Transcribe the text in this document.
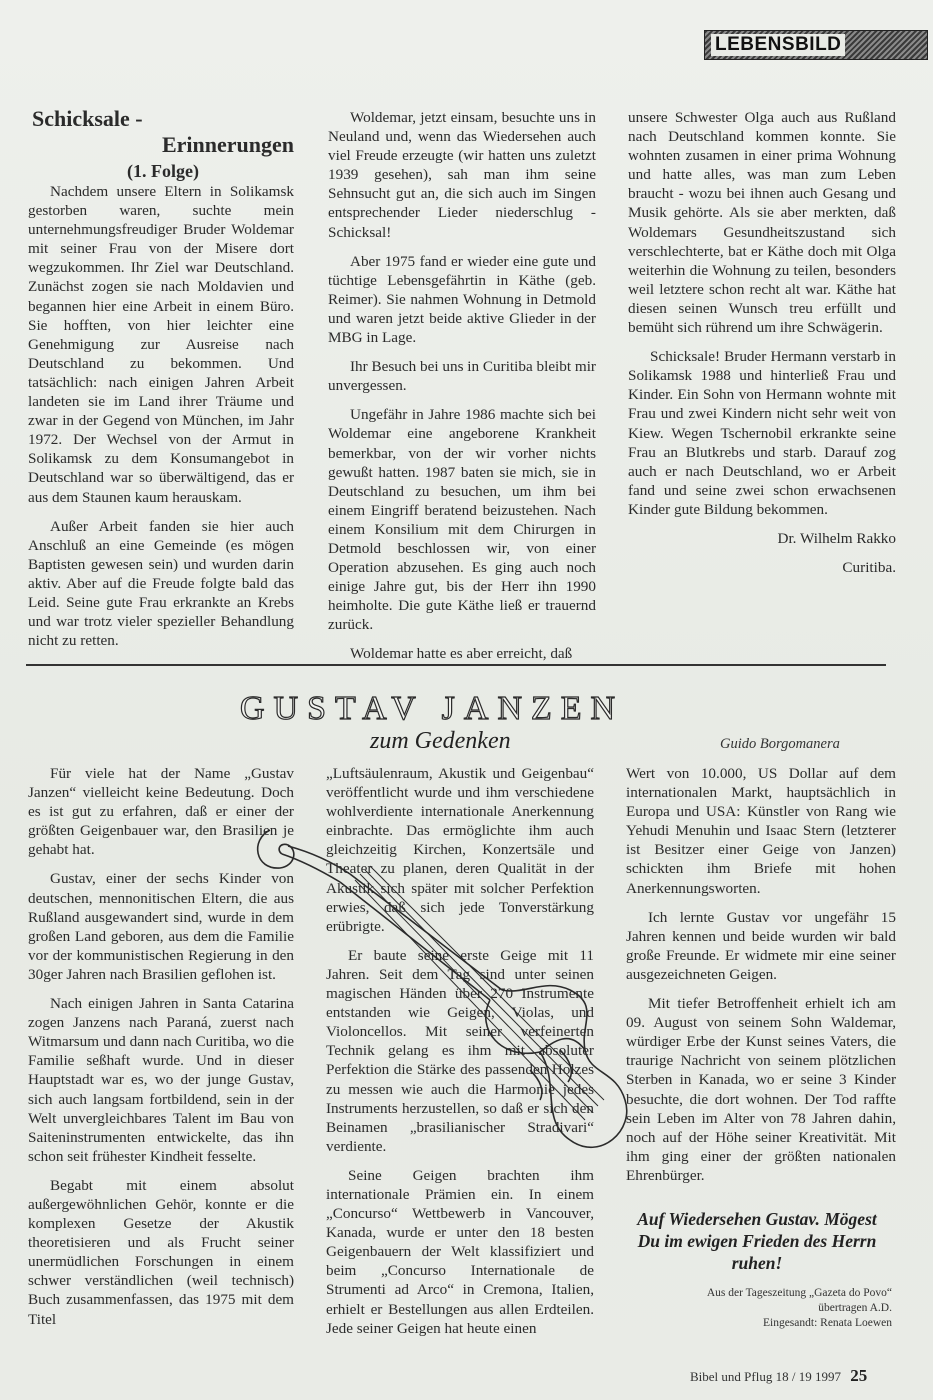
LEBENSBILD
Schicksale -
Erinnerungen
(1. Folge)

Nachdem unsere Eltern in Solikamsk gestorben waren, suchte mein unternehmungsfreudiger Bruder Woldemar mit seiner Frau von der Misere dort wegzukommen. Ihr Ziel war Deutschland. Zunächst zogen sie nach Moldavien und begannen hier eine Arbeit in einem Büro. Sie hofften, von hier leichter eine Genehmigung zur Ausreise nach Deutschland zu bekommen. Und tatsächlich: nach einigen Jahren Arbeit landeten sie im Land ihrer Träume und zwar in der Gegend von München, im Jahr 1972. Der Wechsel von der Armut in Solikamsk zu dem Konsumangebot in Deutschland war so überwältigend, das er aus dem Staunen kaum herauskam.

Außer Arbeit fanden sie hier auch Anschluß an eine Gemeinde (es mögen Baptisten gewesen sein) und wurden darin aktiv. Aber auf die Freude folgte bald das Leid. Seine gute Frau erkrankte an Krebs und war trotz vieler spezieller Behandlung nicht zu retten.

Woldemar, jetzt einsam, besuchte uns in Neuland und, wenn das Wiedersehen auch viel Freude erzeugte (wir hatten uns zuletzt 1939 gesehen), sah man ihm seine Sehnsucht gut an, die sich auch im Singen entsprechender Lieder niederschlug - Schicksal!

Aber 1975 fand er wieder eine gute und tüchtige Lebensgefährtin in Käthe (geb. Reimer). Sie nahmen Wohnung in Detmold und waren jetzt beide aktive Glieder in der MBG in Lage.

Ihr Besuch bei uns in Curitiba bleibt mir unvergessen.

Ungefähr in Jahre 1986 machte sich bei Woldemar eine angeborene Krankheit bemerkbar, von der wir vorher nichts gewußt hatten. 1987 baten sie mich, sie in Deutschland zu besuchen, um ihm bei einem Eingriff beratend beizustehen. Nach einem Konsilium mit dem Chirurgen in Detmold beschlossen wir, von einer Operation abzusehen. Es ging auch noch einige Jahre gut, bis der Herr ihn 1990 heimholte. Die gute Käthe ließ er trauernd zurück.

Woldemar hatte es aber erreicht, daß

unsere Schwester Olga auch aus Rußland nach Deutschland kommen konnte. Sie wohnten zusamen in einer prima Wohnung und hatte alles, was man zum Leben braucht - wozu bei ihnen auch Gesang und Musik gehörte. Als sie aber merkten, daß Woldemars Gesundheitszustand sich verschlechterte, bat er Käthe doch mit Olga weiterhin die Wohnung zu teilen, besonders weil letztere schon recht alt war. Käthe hat diesen seinen Wunsch treu erfüllt und bemüht sich rührend um ihre Schwägerin.

Schicksale! Bruder Hermann verstarb in Solikamsk 1988 und hinterließ Frau und Kinder. Ein Sohn von Hermann wohnte mit Frau und zwei Kindern nicht sehr weit von Kiew. Wegen Tschernobil erkrankte seine Frau an Blutkrebs und starb. Darauf zog auch er nach Deutschland, wo er Arbeit fand und seine zwei schon erwachsenen Kinder gute Bildung bekommen.

Dr. Wilhelm Rakko

Curitiba.

GUSTAV JANZEN
zum Gedenken	Guido Borgomanera

Für viele hat der Name „Gustav Janzen“ vielleicht keine Bedeutung. Doch es ist gut zu erfahren, daß er einer der größten Geigenbauer war, den Brasilien je gehabt hat.

Gustav, einer der sechs Kinder von deutschen, mennonitischen Eltern, die aus Rußland ausgewandert sind, wurde in dem großen Land geboren, aus dem die Familie vor der kommunistischen Regierung in den 30ger Jahren nach Brasilien geflohen ist.

Nach einigen Jahren in Santa Catarina zogen Janzens nach Paraná, zuerst nach Witmarsum und dann nach Curitiba, wo die Familie seßhaft wurde. Und in dieser Hauptstadt war es, wo der junge Gustav, sich auch langsam fortbildend, sein in der Welt unvergleichbares Talent im Bau von Saiteninstrumenten entwickelte, das ihn schon seit frühester Kindheit fesselte.

Begabt mit einem absolut außergewöhnlichen Gehör, konnte er die komplexen Gesetze der Akustik theoretisieren und als Frucht seiner unermüdlichen Forschungen in einem schwer verständlichen (weil technisch) Buch zusammenfassen, das 1975 mit dem Titel

„Luftsäulenraum, Akustik und Geigenbau“ veröffentlicht wurde und ihm verschiedene wohlverdiente internationale Anerkennung einbrachte. Das ermöglichte ihm auch gleichzeitig Kirchen, Konzertsäle und Theater zu planen, deren Qualität in der Akustik sich später mit solcher Perfektion erwies, daß sich jede Tonverstärkung erübrigte.

Er baute seine erste Geige mit 11 Jahren. Seit dem Tag sind unter seinen magischen Händen über 270 Instrumente entstanden wie Geigen, Violas, und Violoncellos. Mit seiner verfeinerten Technik gelang es ihm mit absoluter Perfektion die Stärke des passenden Holzes zu messen wie auch die Harmonie jedes Instruments herzustellen, so daß er sich den Beinamen „brasilianischer Stradivari“ verdiente.

Seine Geigen brachten ihm internationale Prämien ein. In einem „Concurso“ Wettbewerb in Vancouver, Kanada, wurde er unter den 18 besten Geigenbauern der Welt klassifiziert und beim „Concurso Internationale de Strumenti ad Arco“ in Cremona, Italien, erhielt er Bestellungen aus allen Erdteilen. Jede seiner Geigen hat heute einen

Wert von 10.000, US Dollar auf dem internationalen Markt, hauptsächlich in Europa und USA: Künstler von Rang wie Yehudi Menuhin und Isaac Stern (letzterer ist Besitzer einer Geige von Janzen) schickten ihm Briefe mit hohen Anerkennungsworten.

Ich lernte Gustav vor ungefähr 15 Jahren kennen und beide wurden wir bald große Freunde. Er widmete mir eine seiner ausgezeichneten Geigen.

Mit tiefer Betroffenheit erhielt ich am 09. August von seinem Sohn Waldemar, würdiger Erbe der Kunst seines Vaters, die traurige Nachricht von seinem plötzlichen Sterben in Kanada, wo er seine 3 Kinder besuchte, die dort wohnen. Der Tod raffte sein Leben im Alter von 78 Jahren dahin, noch auf der Höhe seiner Kreativität. Mit ihm ging einer der größten nationalen Ehrenbürger.

Auf Wiedersehen Gustav. Mögest Du im ewigen Frieden des Herrn ruhen!
Aus der Tageszeitung „Gazeta do Povo“
übertragen A.D.
Eingesandt: Renata Loewen
Bibel und Pflug 18 / 19 1997 25
